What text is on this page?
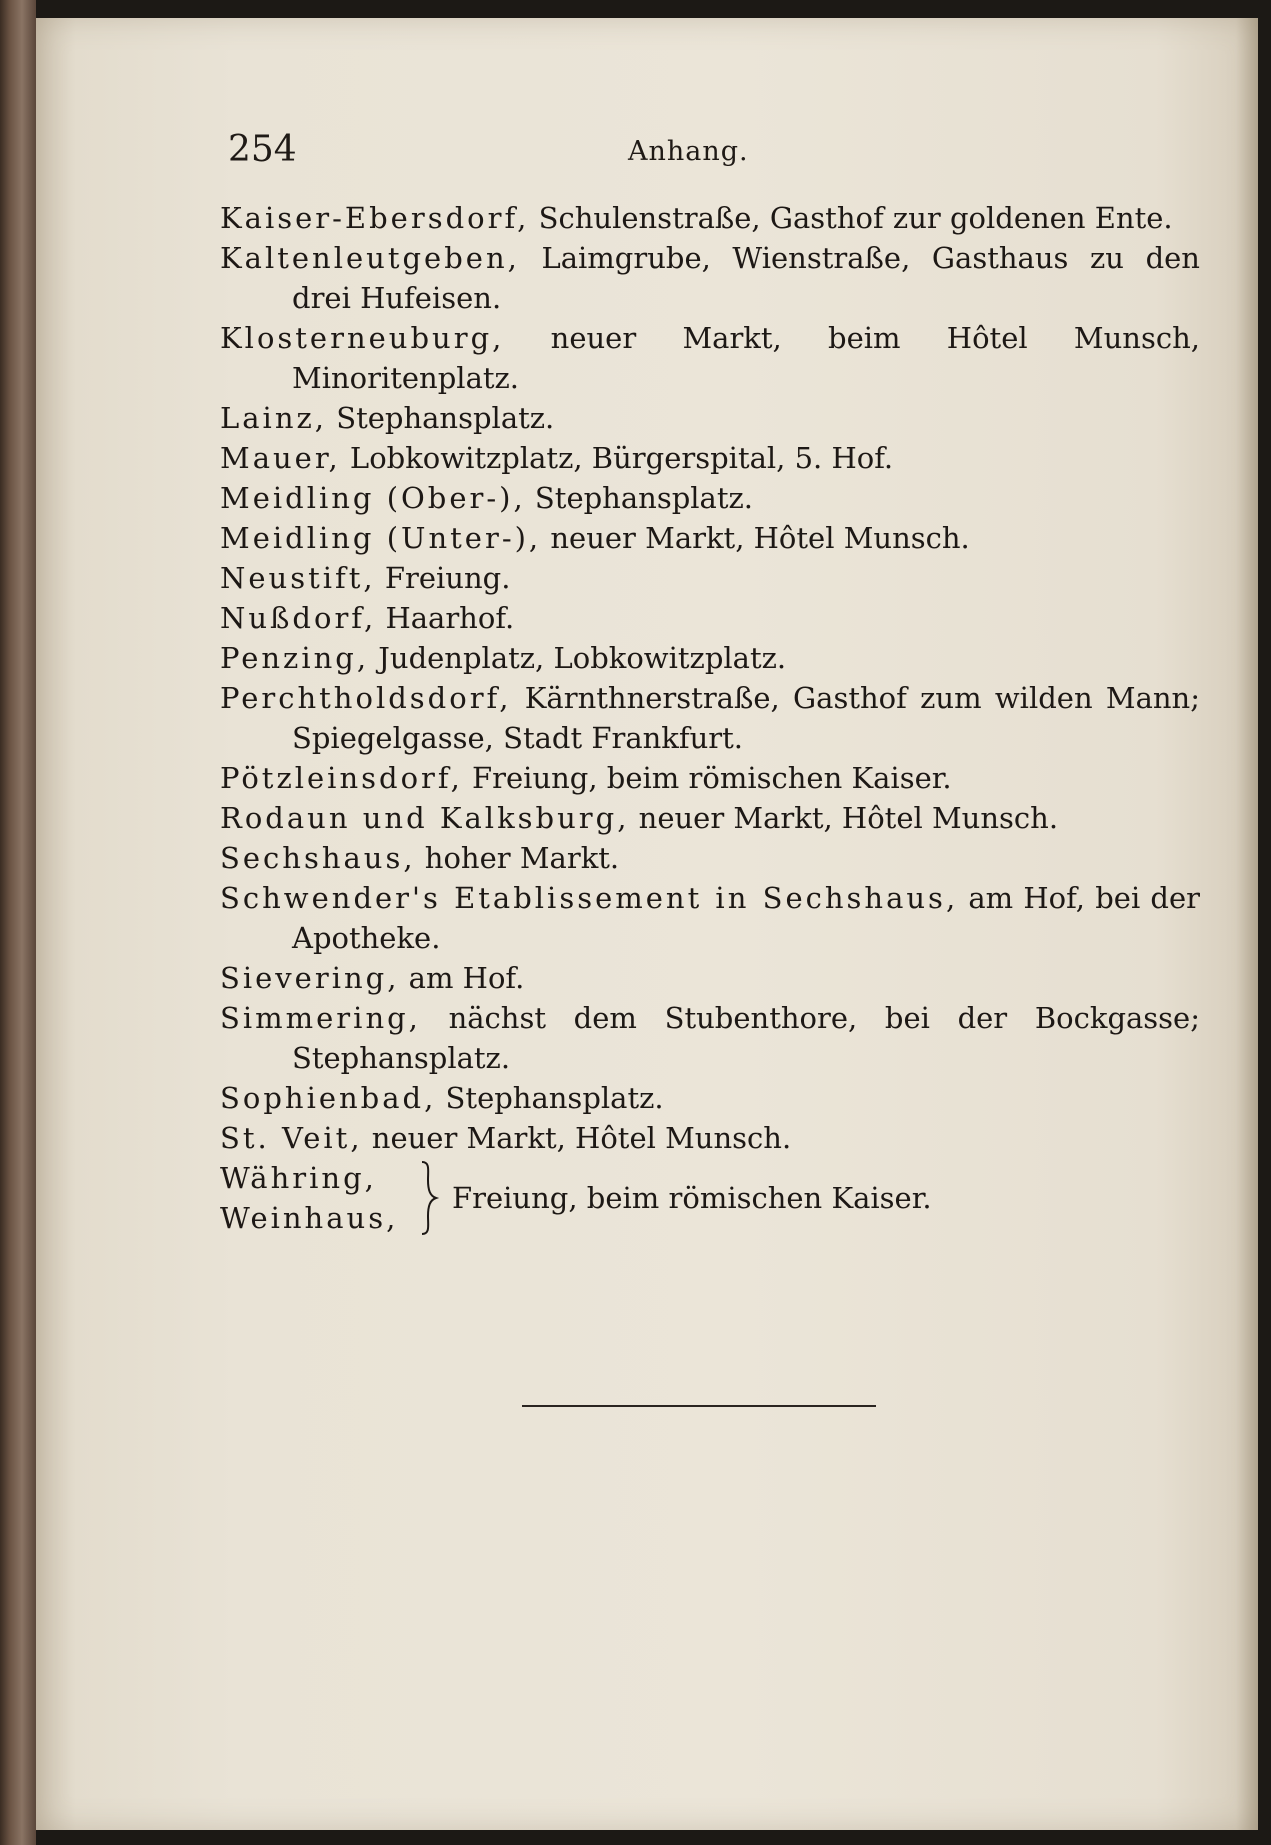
254	Anhang.
Kaiser-Ebersdorf, Schulenstraße, Gasthof zur goldenen Ente.
Kaltenleutgeben, Laimgrube, Wienstraße, Gasthaus zu den drei Hufeisen.
Klosterneuburg, neuer Markt, beim Hôtel Munsch, Minoritenplatz.
Lainz, Stephansplatz.
Mauer, Lobkowitzplatz, Bürgerspital, 5. Hof.
Meidling (Ober-), Stephansplatz.
Meidling (Unter-), neuer Markt, Hôtel Munsch.
Neustift, Freiung.
Nußdorf, Haarhof.
Penzing, Judenplatz, Lobkowitzplatz.
Perchtholdsdorf, Kärnthnerstraße, Gasthof zum wilden Mann; Spiegelgasse, Stadt Frankfurt.
Pötzleinsdorf, Freiung, beim römischen Kaiser.
Rodaun und Kalksburg, neuer Markt, Hôtel Munsch.
Sechshaus, hoher Markt.
Schwender's Etablissement in Sechshaus, am Hof, bei der Apotheke.
Sievering, am Hof.
Simmering, nächst dem Stubenthore, bei der Bockgasse; Stephansplatz.
Sophienbad, Stephansplatz.
St. Veit, neuer Markt, Hôtel Munsch.
Währing,
Weinhaus,
Freiung, beim römischen Kaiser.
